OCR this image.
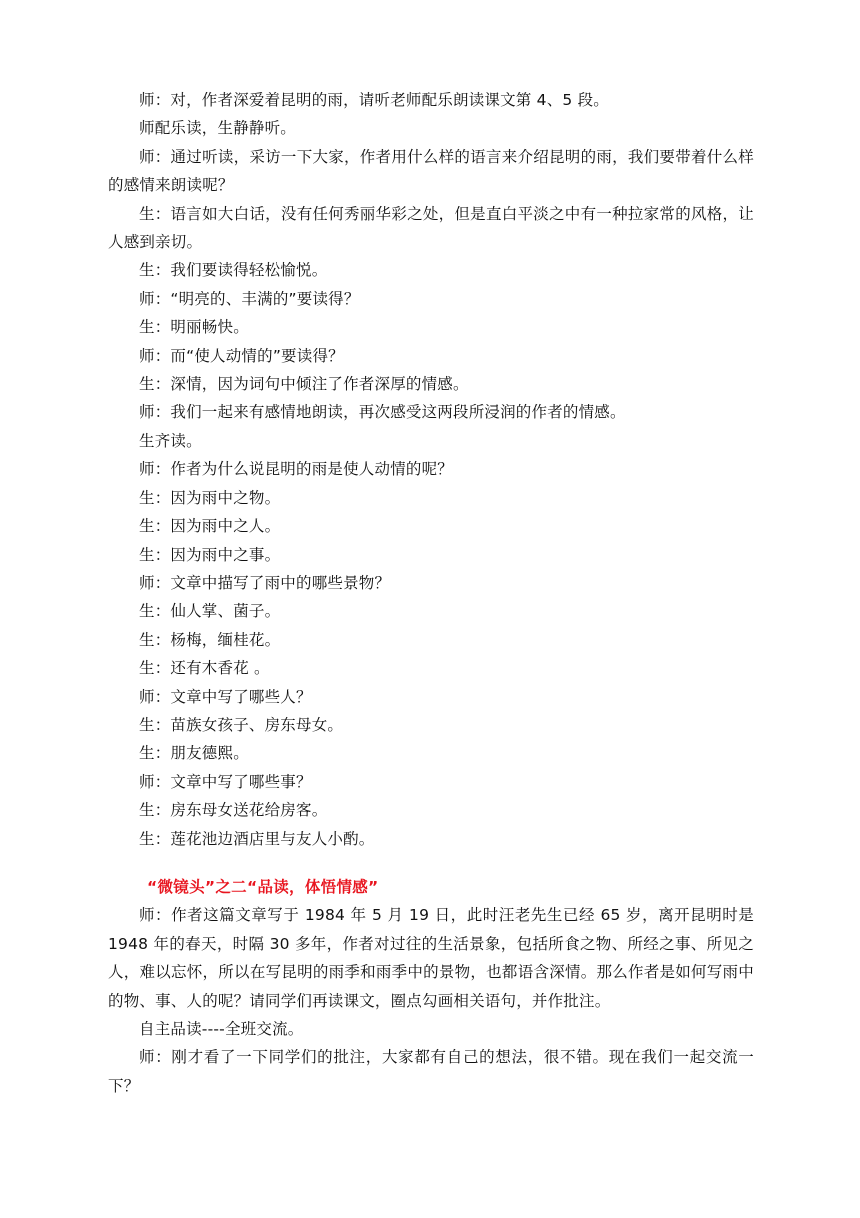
师：对，作者深爱着昆明的雨，请听老师配乐朗读课文第 4、5 段。

师配乐读，生静静听。

师：通过听读，采访一下大家，作者用什么样的语言来介绍昆明的雨，我们要带着什么样的感情来朗读呢？

生：语言如大白话，没有任何秀丽华彩之处，但是直白平淡之中有一种拉家常的风格，让人感到亲切。

生：我们要读得轻松愉悦。

师：“明亮的、丰满的”要读得？

生：明丽畅快。

师：而“使人动情的”要读得？

生：深情，因为词句中倾注了作者深厚的情感。

师：我们一起来有感情地朗读，再次感受这两段所浸润的作者的情感。

生齐读。

师：作者为什么说昆明的雨是使人动情的呢？

生：因为雨中之物。

生：因为雨中之人。

生：因为雨中之事。

师：文章中描写了雨中的哪些景物？

生：仙人掌、菌子。

生：杨梅，缅桂花。

生：还有木香花 。

师：文章中写了哪些人？

生：苗族女孩子、房东母女。

生：朋友德熙。

师：文章中写了哪些事？

生：房东母女送花给房客。

生：莲花池边酒店里与友人小酌。

“微镜头”之二“品读，体悟情感”

师：作者这篇文章写于 1984 年 5 月 19 日，此时汪老先生已经 65 岁，离开昆明时是 1948 年的春天，时隔 30 多年，作者对过往的生活景象，包括所食之物、所经之事、所见之人，难以忘怀，所以在写昆明的雨季和雨季中的景物，也都语含深情。那么作者是如何写雨中的物、事、人的呢？请同学们再读课文，圈点勾画相关语句，并作批注。

自主品读----全班交流。

师：刚才看了一下同学们的批注，大家都有自己的想法，很不错。现在我们一起交流一下？
